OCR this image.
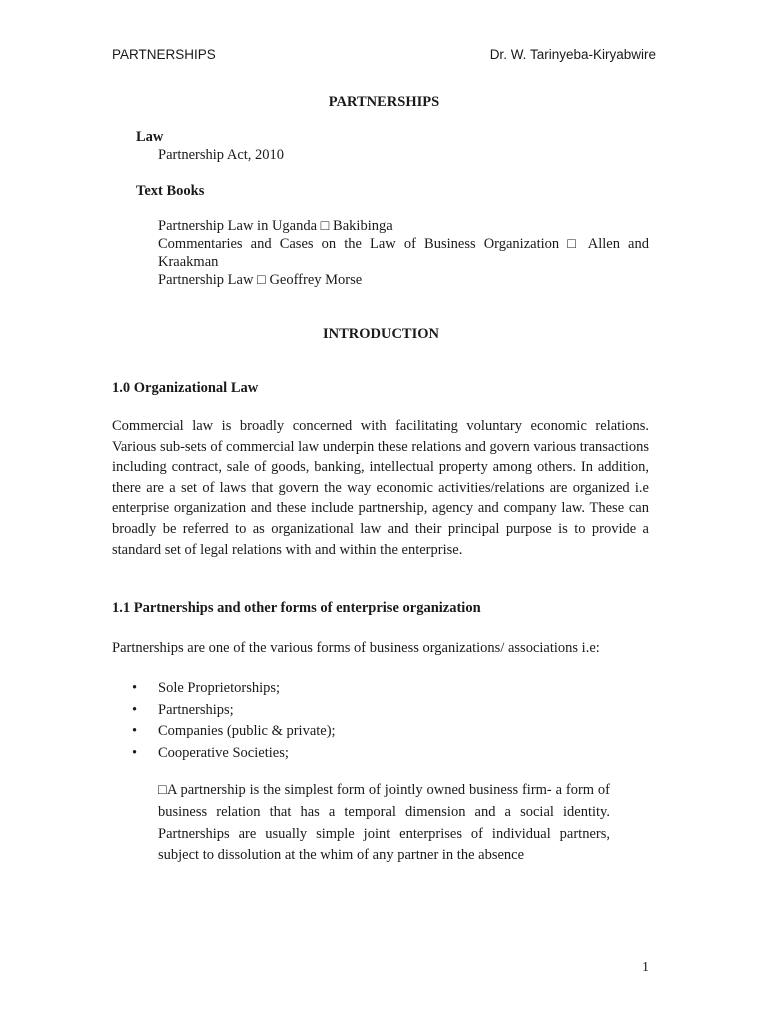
PARTNERSHIPS	Dr. W. Tarinyeba-Kiryabwire
PARTNERSHIPS
Law
Partnership Act, 2010
Text Books
Partnership Law in Uganda □ Bakibinga
Commentaries and Cases on the Law of Business Organization □ Allen and
Kraakman
Partnership Law □ Geoffrey Morse
INTRODUCTION
1.0 Organizational Law

Commercial law is broadly concerned with facilitating voluntary economic relations. Various sub-sets of commercial law underpin these relations and govern various transactions including contract, sale of goods, banking, intellectual property among others. In addition, there are a set of laws that govern the way economic activities/relations are organized i.e enterprise organization and these include partnership, agency and company law. These can broadly be referred to as organizational law and their principal purpose is to provide a standard set of legal relations with and within the enterprise.

1.1 Partnerships and other forms of enterprise organization
Partnerships are one of the various forms of business organizations/ associations i.e:
• Sole Proprietorships;
• Partnerships;
• Companies (public & private);
• Cooperative Societies;

□A partnership is the simplest form of jointly owned business firm- a form of business relation that has a temporal dimension and a social identity. Partnerships are usually simple joint enterprises of individual partners, subject to dissolution at the whim of any partner in the absence

1
